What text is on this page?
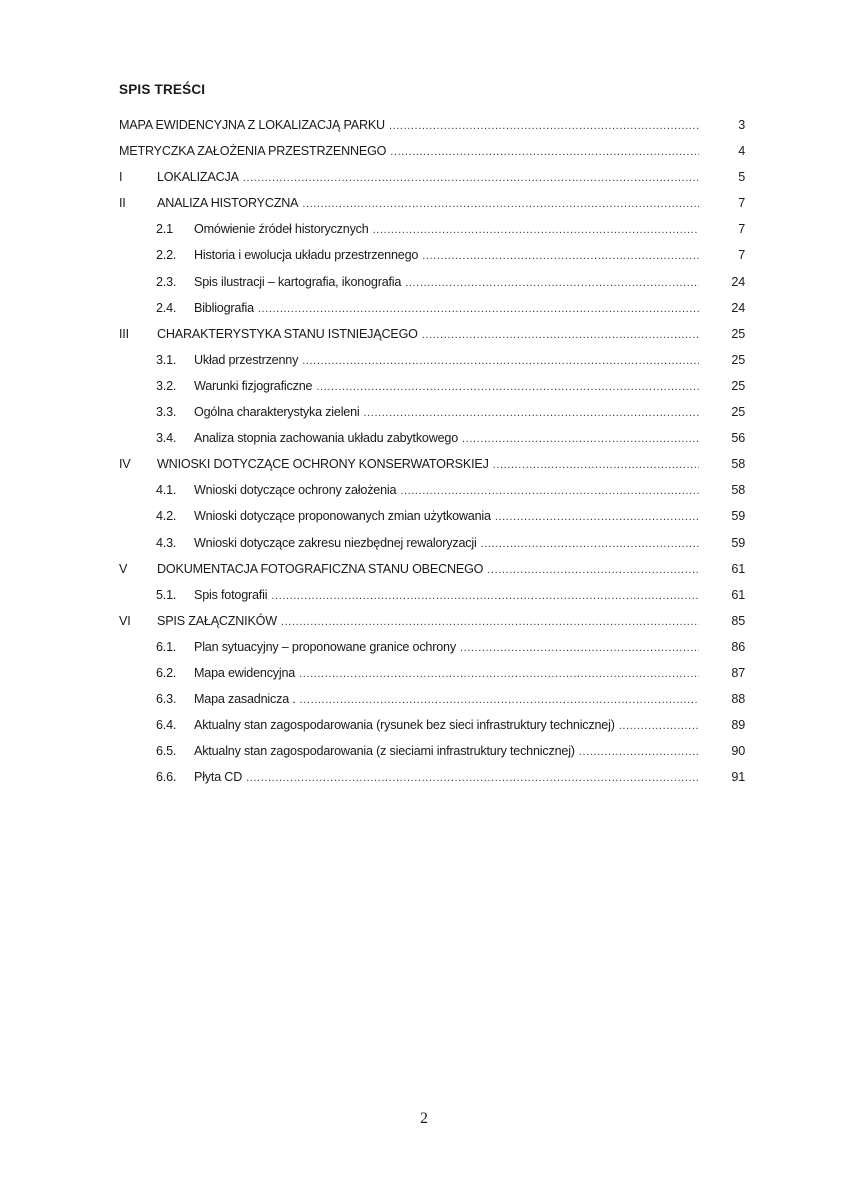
SPIS TREŚCI
MAPA EWIDENCYJNA Z LOKALIZACJĄ PARKU .....	3
METRYCZKA ZAŁOŻENIA PRZESTRZENNEGO .....	4
I	LOKALIZACJA .....	5
II	ANALIZA HISTORYCZNA .....	7
2.1	Omówienie źródeł historycznych .....	7
2.2.	Historia i ewolucja układu przestrzennego .....	7
2.3.	Spis ilustracji – kartografia, ikonografia .....	24
2.4.	Bibliografia .....	24
III	CHARAKTERYSTYKA STANU ISTNIEJĄCEGO .....	25
3.1.	Układ przestrzenny .....	25
3.2.	Warunki fizjograficzne .....	25
3.3.	Ogólna charakterystyka zieleni .....	25
3.4.	Analiza stopnia zachowania układu zabytkowego .....	56
IV	WNIOSKI DOTYCZĄCE OCHRONY KONSERWATORSKIEJ .....	58
4.1.	Wnioski dotyczące ochrony założenia .....	58
4.2.	Wnioski dotyczące proponowanych zmian użytkowania .....	59
4.3.	Wnioski dotyczące zakresu niezbędnej rewaloryzacji .....	59
V	DOKUMENTACJA FOTOGRAFICZNA STANU OBECNEGO .....	61
5.1.	Spis fotografii .....	61
VI	SPIS ZAŁĄCZNIKÓW .....	85
6.1.	Plan sytuacyjny – proponowane granice ochrony .....	86
6.2.	Mapa ewidencyjna .....	87
6.3.	Mapa zasadnicza . .....	88
6.4.	Aktualny stan zagospodarowania (rysunek bez sieci infrastruktury technicznej) .....	89
6.5.	Aktualny stan zagospodarowania (z sieciami infrastruktury technicznej) .....	90
6.6.	Płyta CD .....	91
2
